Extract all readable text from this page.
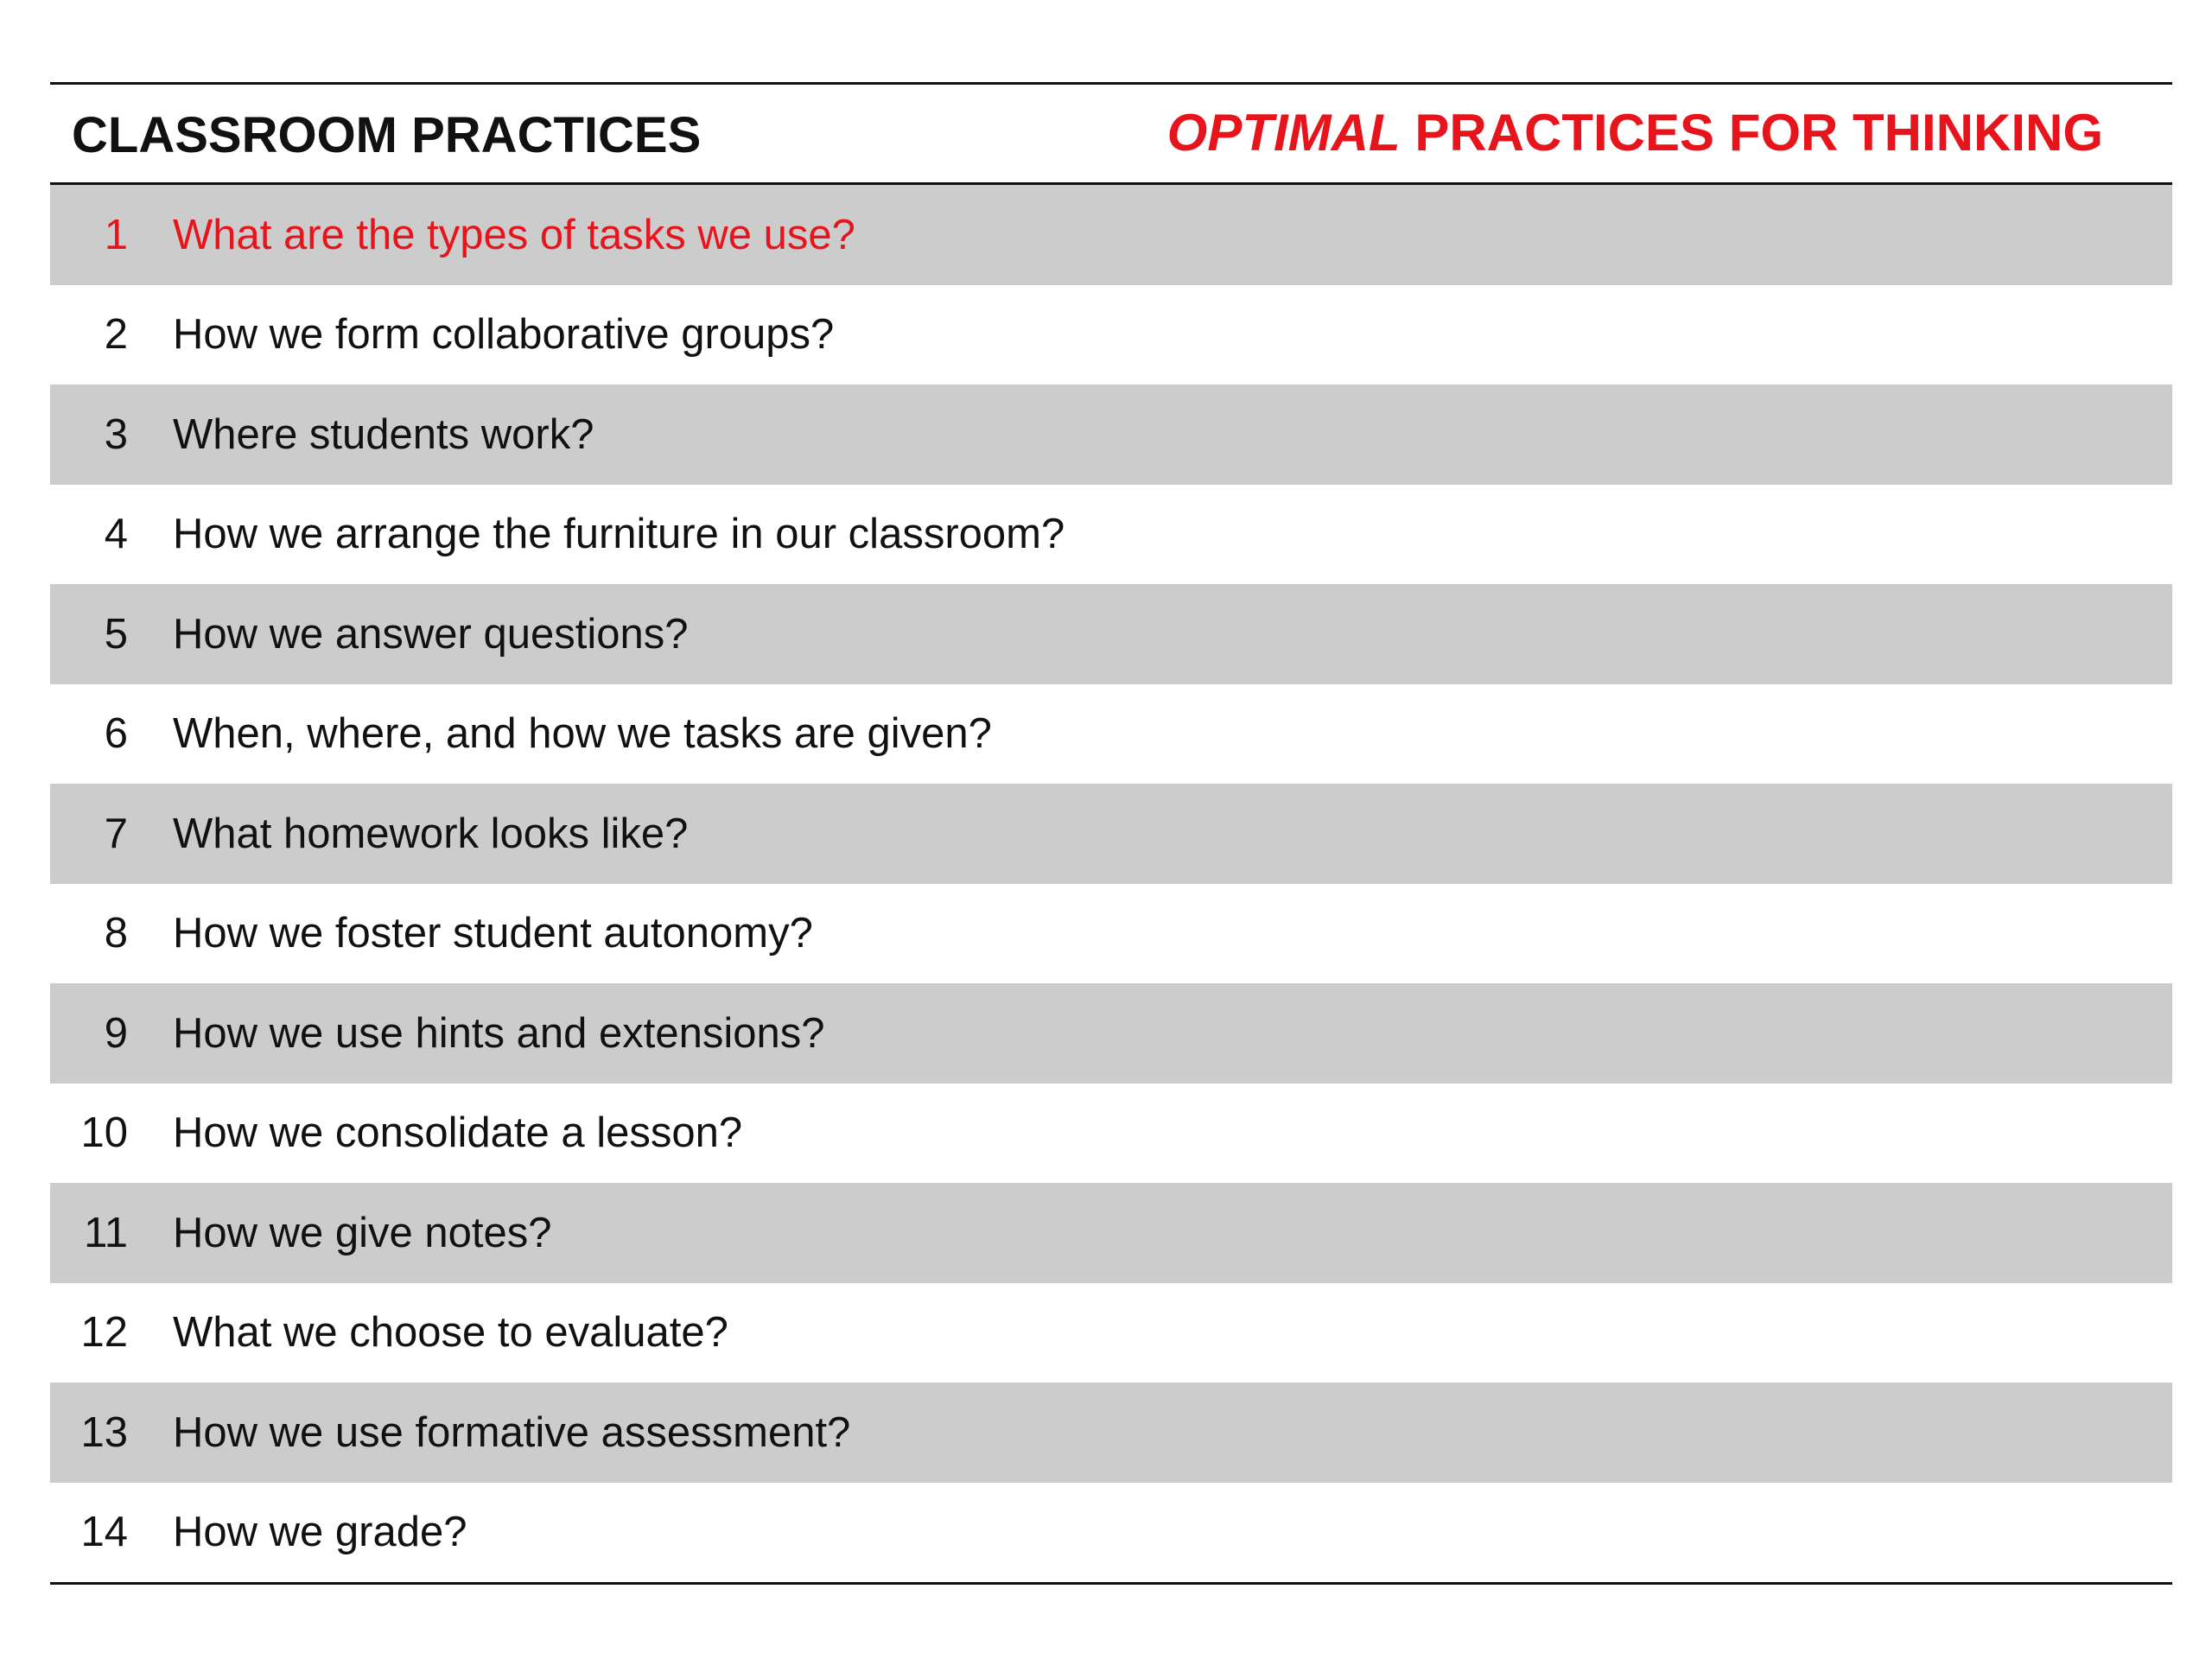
CLASSROOM PRACTICES	OPTIMAL PRACTICES FOR THINKING
1	What are the types of tasks we use?
2	How we form collaborative groups?
3	Where students work?
4	How we arrange the furniture in our classroom?
5	How we answer questions?
6	When, where, and how we tasks are given?
7	What homework looks like?
8	How we foster student autonomy?
9	How we use hints and extensions?
10	How we consolidate a lesson?
11	How we give notes?
12	What we choose to evaluate?
13	How we use formative assessment?
14	How we grade?
